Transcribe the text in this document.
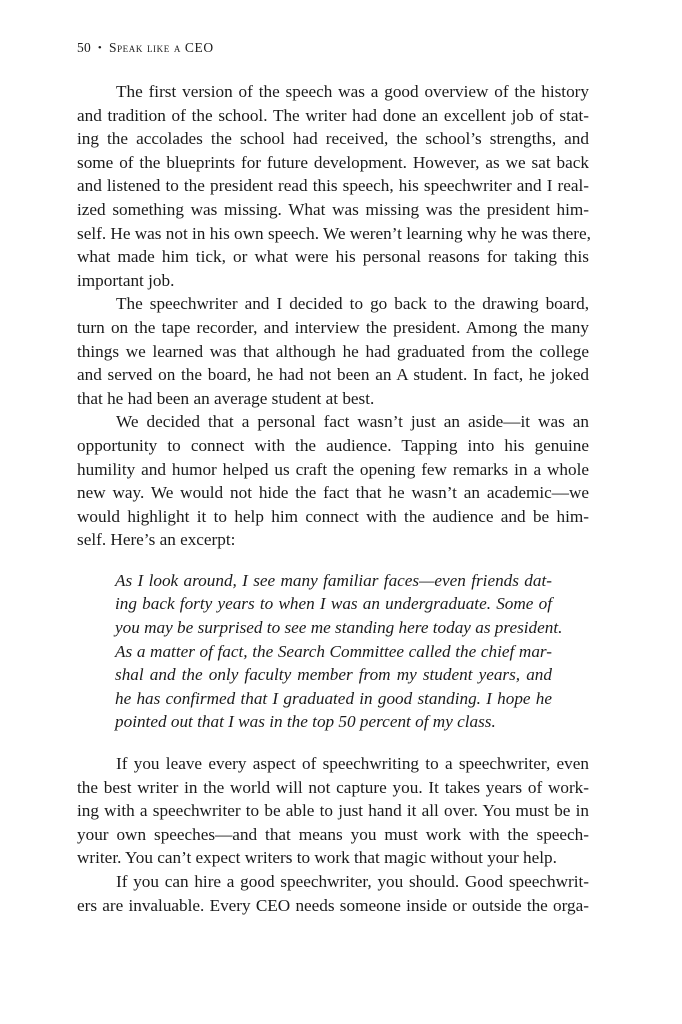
50 • Speak like a CEO
The first version of the speech was a good overview of the history
and tradition of the school. The writer had done an excellent job of stat-
ing the accolades the school had received, the school’s strengths, and
some of the blueprints for future development. However, as we sat back
and listened to the president read this speech, his speechwriter and I real-
ized something was missing. What was missing was the president him-
self. He was not in his own speech. We weren’t learning why he was there,
what made him tick, or what were his personal reasons for taking this
important job.
The speechwriter and I decided to go back to the drawing board,
turn on the tape recorder, and interview the president. Among the many
things we learned was that although he had graduated from the college
and served on the board, he had not been an A student. In fact, he joked
that he had been an average student at best.
We decided that a personal fact wasn’t just an aside—it was an
opportunity to connect with the audience. Tapping into his genuine
humility and humor helped us craft the opening few remarks in a whole
new way. We would not hide the fact that he wasn’t an academic—we
would highlight it to help him connect with the audience and be him-
self. Here’s an excerpt:
As I look around, I see many familiar faces—even friends dat-
ing back forty years to when I was an undergraduate. Some of
you may be surprised to see me standing here today as president.
As a matter of fact, the Search Committee called the chief mar-
shal and the only faculty member from my student years, and
he has confirmed that I graduated in good standing. I hope he
pointed out that I was in the top 50 percent of my class.
If you leave every aspect of speechwriting to a speechwriter, even
the best writer in the world will not capture you. It takes years of work-
ing with a speechwriter to be able to just hand it all over. You must be in
your own speeches—and that means you must work with the speech-
writer. You can’t expect writers to work that magic without your help.
If you can hire a good speechwriter, you should. Good speechwrit-
ers are invaluable. Every CEO needs someone inside or outside the orga-
